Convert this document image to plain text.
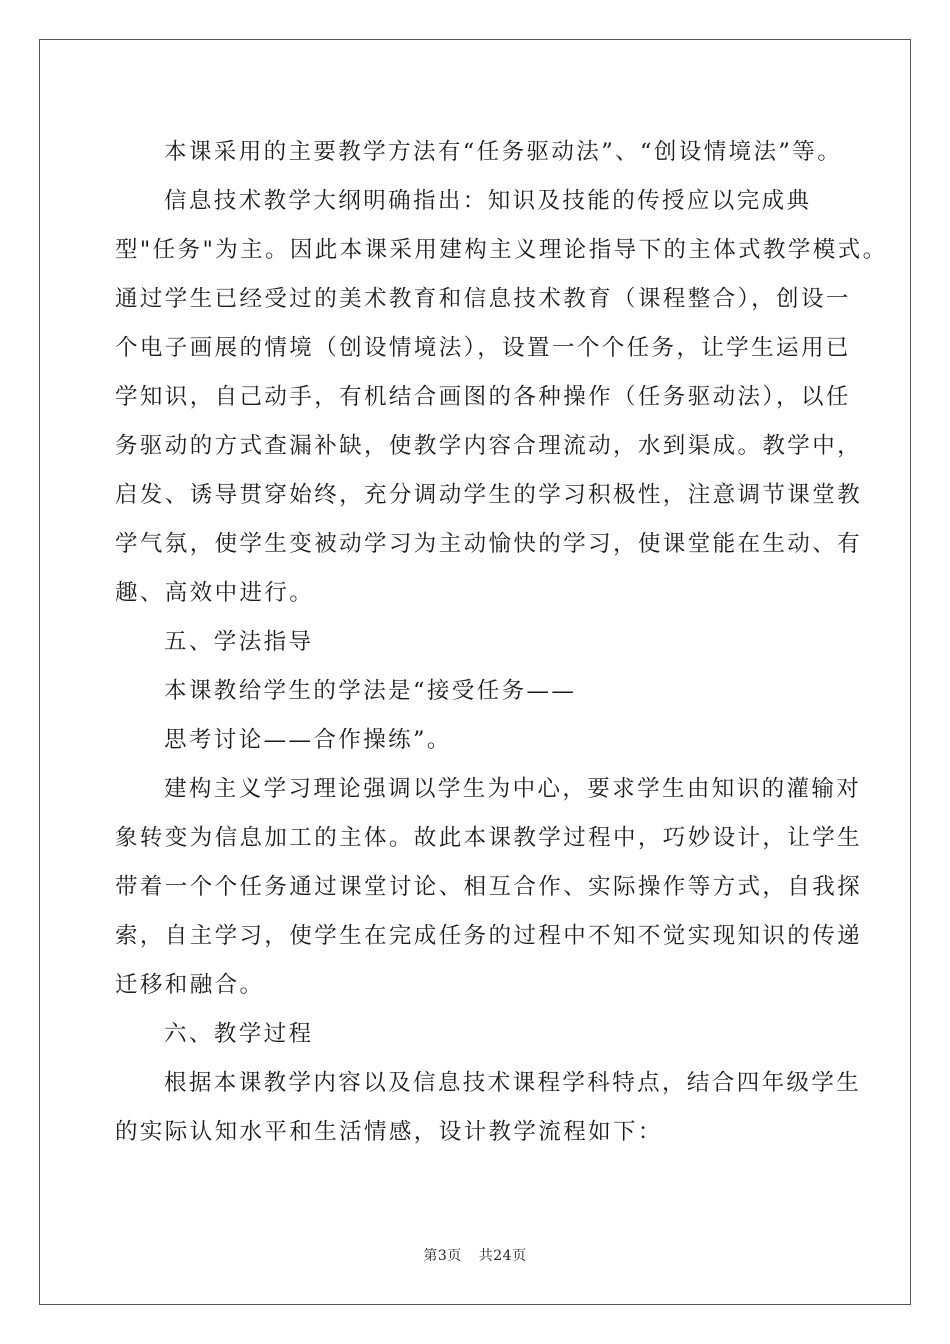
本课采用的主要教学方法有“任务驱动法”、“创设情境法”等。
信息技术教学大纲明确指出：知识及技能的传授应以完成典
型"任务"为主。因此本课采用建构主义理论指导下的主体式教学模式。
通过学生已经受过的美术教育和信息技术教育（课程整合），创设一
个电子画展的情境（创设情境法），设置一个个任务，让学生运用已
学知识，自己动手，有机结合画图的各种操作（任务驱动法），以任
务驱动的方式查漏补缺，使教学内容合理流动，水到渠成。教学中，
启发、诱导贯穿始终，充分调动学生的学习积极性，注意调节课堂教
学气氛，使学生变被动学习为主动愉快的学习，使课堂能在生动、有
趣、高效中进行。
五、学法指导
本课教给学生的学法是“接受任务——
思考讨论——合作操练”。
建构主义学习理论强调以学生为中心，要求学生由知识的灌输对
象转变为信息加工的主体。故此本课教学过程中，巧妙设计，让学生
带着一个个任务通过课堂讨论、相互合作、实际操作等方式，自我探
索，自主学习，使学生在完成任务的过程中不知不觉实现知识的传递
迁移和融合。
六、教学过程
根据本课教学内容以及信息技术课程学科特点，结合四年级学生
的实际认知水平和生活情感，设计教学流程如下：
第3页 共24页
